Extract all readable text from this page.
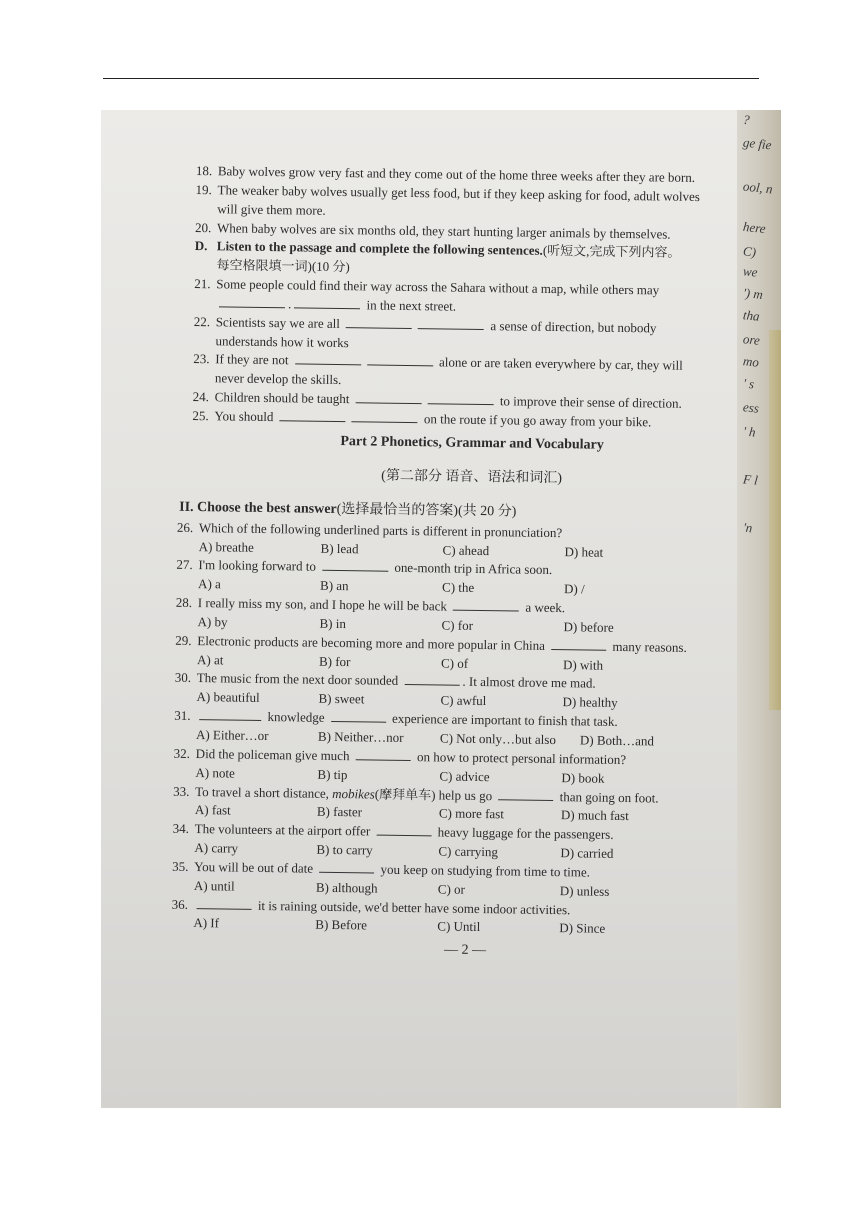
?
ge fie
ool, n
here
C)
we
') m
tha
ore
mo
' s
ess
' h
F l
'n

18. Baby wolves grow very fast and they come out of the home three weeks after they are born.

19. The weaker baby wolves usually get less food, but if they keep asking for food, adult wolves

will give them more.

20. When baby wolves are six months old, they start hunting larger animals by themselves.

D. Listen to the passage and complete the following sentences.(听短文,完成下列内容。

每空格限填一词)(10 分)

21. Some people could find their way across the Sahara without a map, while others may

.	in the next street.

22. Scientists say we are all	a sense of direction, but nobody

understands how it works

23. If they are not	alone or are taken everywhere by car, they will

never develop the skills.

24. Children should be taught	to improve their sense of direction.

25. You should	on the route if you go away from your bike.

Part 2 Phonetics, Grammar and Vocabulary

(第二部分 语音、语法和词汇)

II. Choose the best answer(选择最恰当的答案)(共 20 分)

26. Which of the following underlined parts is different in pronunciation?

A) breathe	B) lead	C) ahead	D) heat

27. I'm looking forward to	one-month trip in Africa soon.

A) a	B) an	C) the	D) /

28. I really miss my son, and I hope he will be back	a week.

A) by	B) in	C) for	D) before

29. Electronic products are becoming more and more popular in China	many reasons.

A) at	B) for	C) of	D) with

30. The music from the next door sounded	. It almost drove me mad.

A) beautiful	B) sweet	C) awful	D) healthy

31.	knowledge	experience are important to finish that task.

A) Either…or	B) Neither…nor	C) Not only…but also	D) Both…and

32. Did the policeman give much	on how to protect personal information?

A) note	B) tip	C) advice	D) book

33. To travel a short distance, mobikes(摩拜单车) help us go	than going on foot.

A) fast	B) faster	C) more fast	D) much fast

34. The volunteers at the airport offer	heavy luggage for the passengers.

A) carry	B) to carry	C) carrying	D) carried

35. You will be out of date	you keep on studying from time to time.

A) until	B) although	C) or	D) unless

36.	it is raining outside, we'd better have some indoor activities.

A) If	B) Before	C) Until	D) Since

— 2 —
